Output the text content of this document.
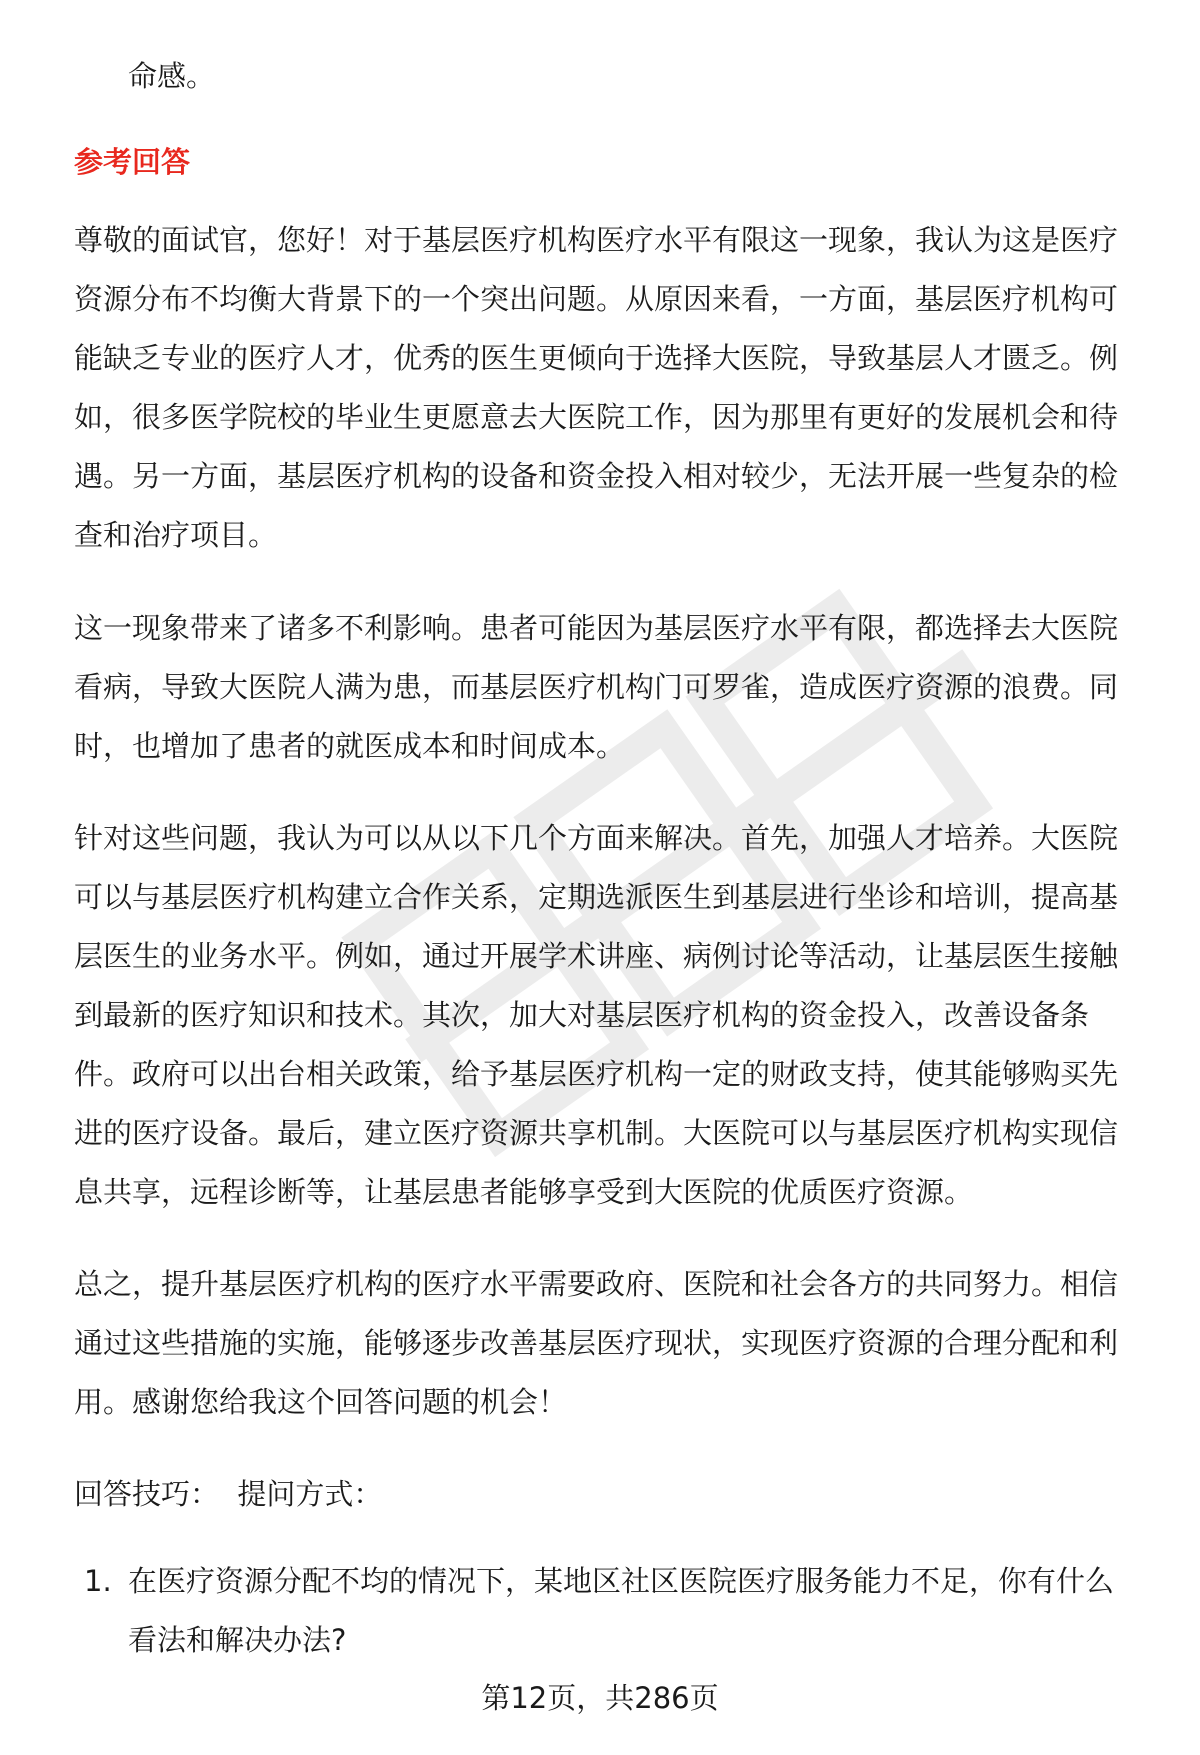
命感。
参考回答
尊敬的面试官，您好！对于基层医疗机构医疗水平有限这一现象，我认为这是医疗
资源分布不均衡大背景下的一个突出问题。从原因来看，一方面，基层医疗机构可
能缺乏专业的医疗人才，优秀的医生更倾向于选择大医院，导致基层人才匮乏。例
如，很多医学院校的毕业生更愿意去大医院工作，因为那里有更好的发展机会和待
遇。另一方面，基层医疗机构的设备和资金投入相对较少，无法开展一些复杂的检
查和治疗项目。
这一现象带来了诸多不利影响。患者可能因为基层医疗水平有限，都选择去大医院
看病，导致大医院人满为患，而基层医疗机构门可罗雀，造成医疗资源的浪费。同
时，也增加了患者的就医成本和时间成本。
针对这些问题，我认为可以从以下几个方面来解决。首先，加强人才培养。大医院
可以与基层医疗机构建立合作关系，定期选派医生到基层进行坐诊和培训，提高基
层医生的业务水平。例如，通过开展学术讲座、病例讨论等活动，让基层医生接触
到最新的医疗知识和技术。其次，加大对基层医疗机构的资金投入，改善设备条
件。政府可以出台相关政策，给予基层医疗机构一定的财政支持，使其能够购买先
进的医疗设备。最后，建立医疗资源共享机制。大医院可以与基层医疗机构实现信
息共享，远程诊断等，让基层患者能够享受到大医院的优质医疗资源。
总之，提升基层医疗机构的医疗水平需要政府、医院和社会各方的共同努力。相信
通过这些措施的实施，能够逐步改善基层医疗现状，实现医疗资源的合理分配和利
用。感谢您给我这个回答问题的机会！
回答技巧：  提问方式：
1. 在医疗资源分配不均的情况下，某地区社区医院医疗服务能力不足，你有什么
看法和解决办法?
第12页，共286页
